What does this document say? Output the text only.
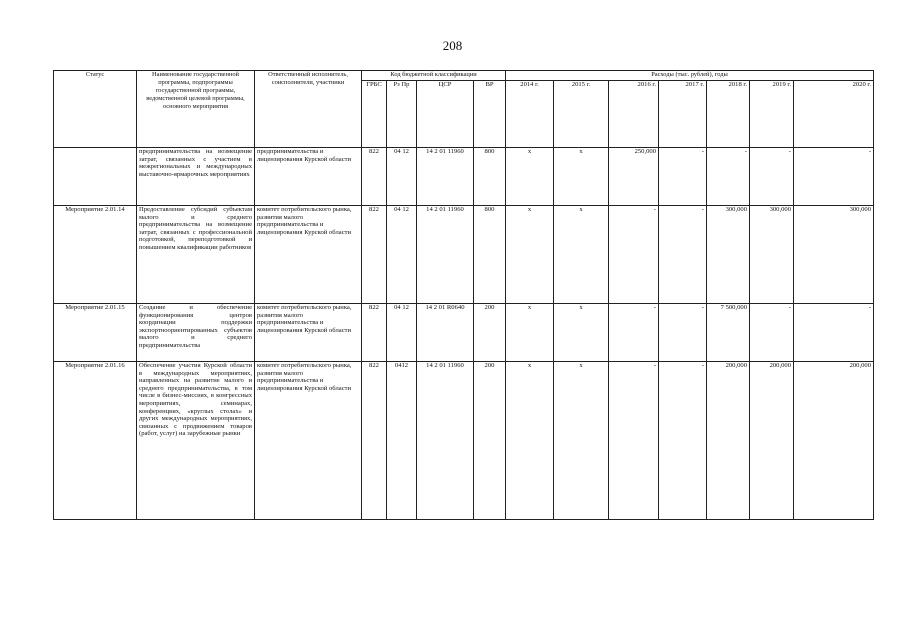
208
Статус	Наименование государственной программы, подпрограммы государственной программы, ведомственной целевой программы, основного мероприятия	Ответственный исполнитель, соисполнители, участники	Код бюджетной классификации				Расходы (тыс. рублей), годы						
			ГРБС	Рз Пр	ЦСР	ВР	2014 г.	2015 г.	2016 г.	2017 г.	2018 г.	2019 г.	2020 г.
	предпринимательства на возмещение затрат, связанных с участием в межрегиональных и международных выставочно-ярмарочных мероприятиях	предпринимательства и лицензирования Курской области	822	04 12	14 2 01 11960	800	x	x	250,000	-	-	-	-
Мероприятие 2.01.14	Предоставление субсидий субъектам малого и среднего предпринимательства на возмещение затрат, связанных с профессиональной подготовкой, переподготовкой и повышением квалификации работников	комитет потребительского рынка, развития малого предпринимательства и лицензирования Курской области	822	04 12	14 2 01 11960	800	x	x	-	-	300,000	300,000	300,000
Мероприятие 2.01.15	Создание и обеспечение функционирования центров координации поддержки экспортноориентированных субъектов малого и среднего предпринимательства	комитет потребительского рынка, развития малого предпринимательства и лицензирования Курской области	822	04 12	14 2 01 R0640	200	x	x	-	-	7 500,000	-	-
Мероприятие 2.01.16	Обеспечение участия Курской области в международных мероприятиях, направленных на развитие малого и среднего предпринимательства, в том числе в бизнес-миссиях, в конгрессных мероприятиях, семинарах, конференциях, «круглых столах» и других международных мероприятиях, связанных с продвижением товаров (работ, услуг) на зарубежные рынки	комитет потребительского рынка, развития малого предпринимательства и лицензирования Курской области	822	0412	14 2 01 11960	200	x	x	-	-	200,000	200,000	200,000
